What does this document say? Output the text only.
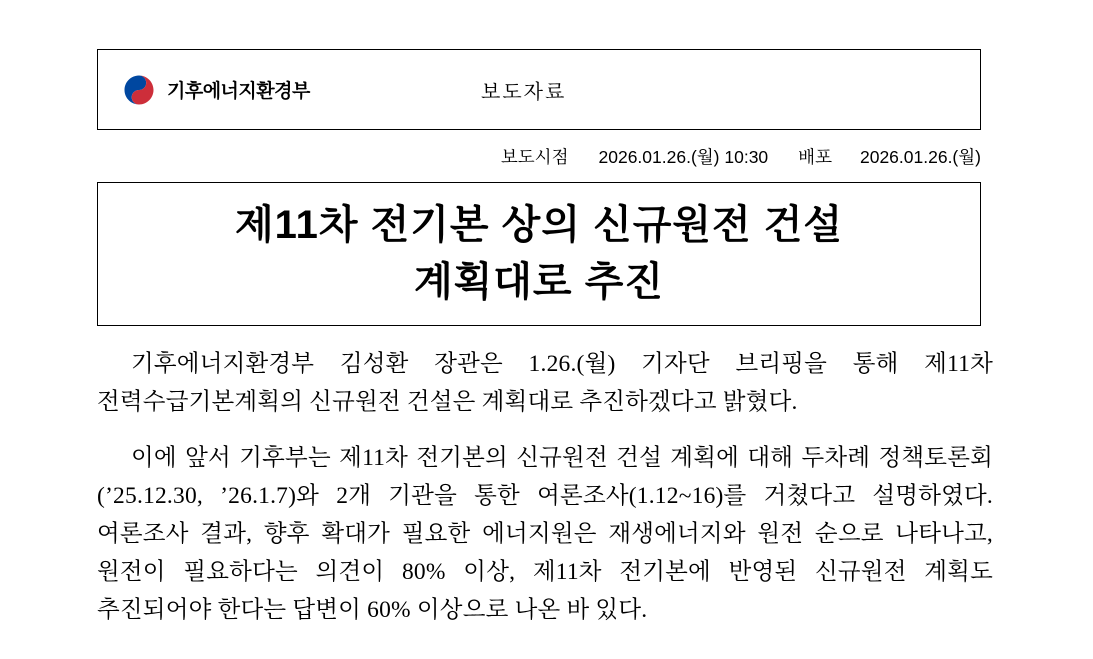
기후에너지환경부	보도자료
보도시점 2026.01.26.(월) 10:30 배포 2026.01.26.(월)
제11차 전기본 상의 신규원전 건설
계획대로 추진

기후에너지환경부 김성환 장관은 1.26.(월) 기자단 브리핑을 통해 제11차 전력수급기본계획의 신규원전 건설은 계획대로 추진하겠다고 밝혔다.

이에 앞서 기후부는 제11차 전기본의 신규원전 건설 계획에 대해 두차례 정책토론회(’25.12.30, ’26.1.7)와 2개 기관을 통한 여론조사(1.12~16)를 거쳤다고 설명하였다. 여론조사 결과, 향후 확대가 필요한 에너지원은 재생에너지와 원전 순으로 나타나고, 원전이 필요하다는 의견이 80% 이상, 제11차 전기본에 반영된 신규원전 계획도 추진되어야 한다는 답변이 60% 이상으로 나온 바 있다.
